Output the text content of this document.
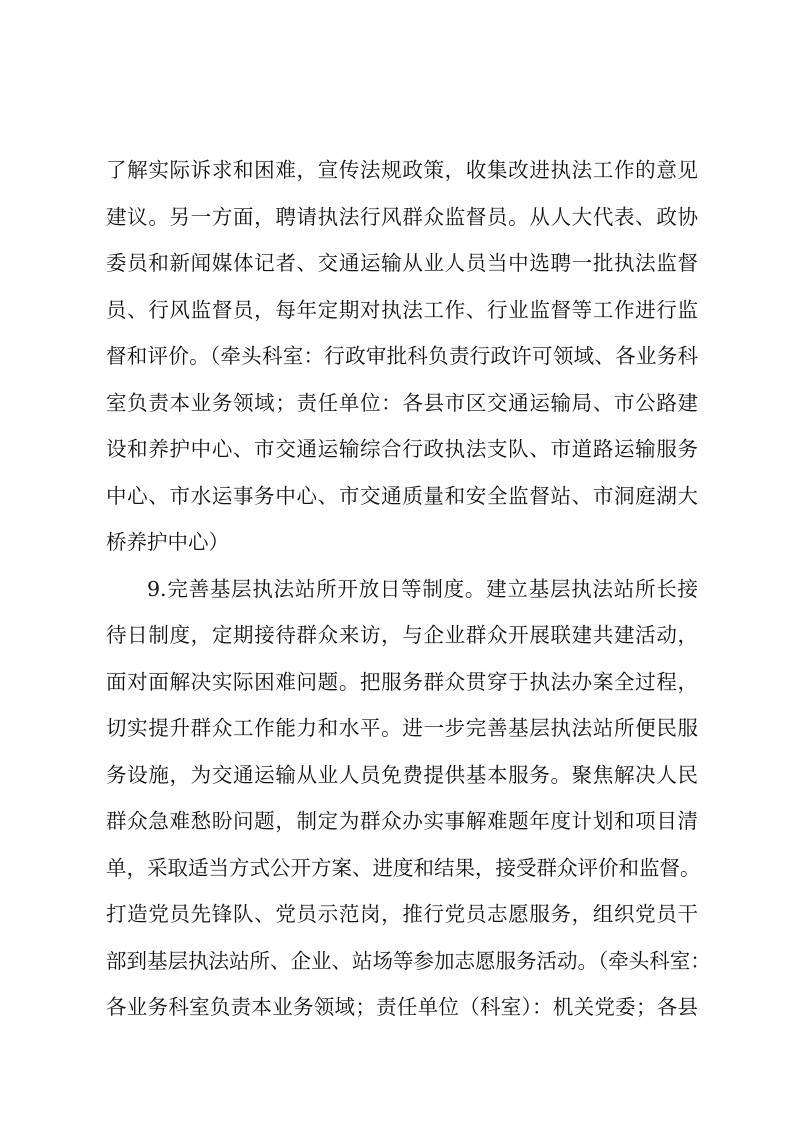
了解实际诉求和困难，宣传法规政策，收集改进执法工作的意见
建议。另一方面，聘请执法行风群众监督员。从人大代表、政协
委员和新闻媒体记者、交通运输从业人员当中选聘一批执法监督
员、行风监督员，每年定期对执法工作、行业监督等工作进行监
督和评价。（牵头科室：行政审批科负责行政许可领域、各业务科
室负责本业务领域；责任单位：各县市区交通运输局、市公路建
设和养护中心、市交通运输综合行政执法支队、市道路运输服务
中心、市水运事务中心、市交通质量和安全监督站、市洞庭湖大
桥养护中心）
9.完善基层执法站所开放日等制度。建立基层执法站所长接
待日制度，定期接待群众来访，与企业群众开展联建共建活动，
面对面解决实际困难问题。把服务群众贯穿于执法办案全过程，
切实提升群众工作能力和水平。进一步完善基层执法站所便民服
务设施，为交通运输从业人员免费提供基本服务。聚焦解决人民
群众急难愁盼问题，制定为群众办实事解难题年度计划和项目清
单，采取适当方式公开方案、进度和结果，接受群众评价和监督。
打造党员先锋队、党员示范岗，推行党员志愿服务，组织党员干
部到基层执法站所、企业、站场等参加志愿服务活动。（牵头科室：
各业务科室负责本业务领域；责任单位（科室）：机关党委；各县
